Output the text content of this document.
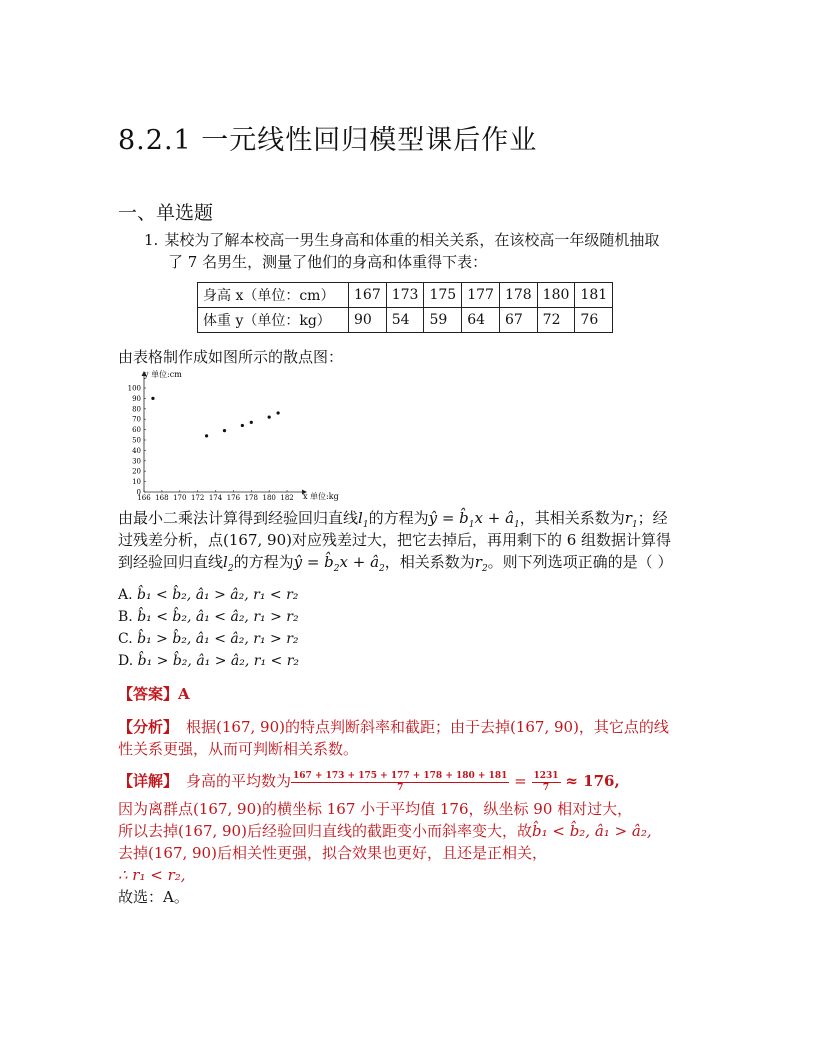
8.2.1 一元线性回归模型课后作业
一、单选题
1. 某校为了解本校高一男生身高和体重的相关关系，在该校高一年级随机抽取
了 7 名男生，测量了他们的身高和体重得下表：
身高 x（单位：cm）	167	173	175	177	178	180	181
体重 y（单位：kg）	90	54	59	64	67	72	76
由表格制作成如图所示的散点图：
0
10
20
30
40
50
60
70
80
90
100
166 168 170 172 174 176 178 180 182
y 单位:cm
x 单位:kg
由最小二乘法计算得到经验回归直线$l_1$的方程为ŷ = $b̂_1x$ + $â_1$，其相关系数为$r_1$；经
过残差分析，点(167, 90)对应残差过大，把它去掉后，再用剩下的 6 组数据计算得
到经验回归直线$l_2$的方程为ŷ = $b̂_2x$ + $â_2$，相关系数为$r_2$。则下列选项正确的是（ ）
A. b̂₁ < b̂₂, â₁ > â₂, r₁ < r₂
B. b̂₁ < b̂₂, â₁ < â₂, r₁ > r₂
C. b̂₁ > b̂₂, â₁ < â₂, r₁ > r₂
D. b̂₁ > b̂₂, â₁ > â₂, r₁ < r₂
【答案】A
【分析】 根据(167, 90)的特点判断斜率和截距；由于去掉(167, 90)，其它点的线
性关系更强，从而可判断相关系数。
【详解】 身高的平均数为 $\frac{167 + 173 + 175 + 177 + 178 + 180 + 181}{7} = \frac{1231}{7} \approx 176$,
因为离群点(167, 90)的横坐标 167 小于平均值 176，纵坐标 90 相对过大，
所以去掉(167, 90)后经验回归直线的截距变小而斜率变大，故b̂₁ < b̂₂, â₁ > â₂,
去掉(167, 90)后相关性更强，拟合效果也更好，且还是正相关，
∴ r₁ < r₂,
故选：A。
